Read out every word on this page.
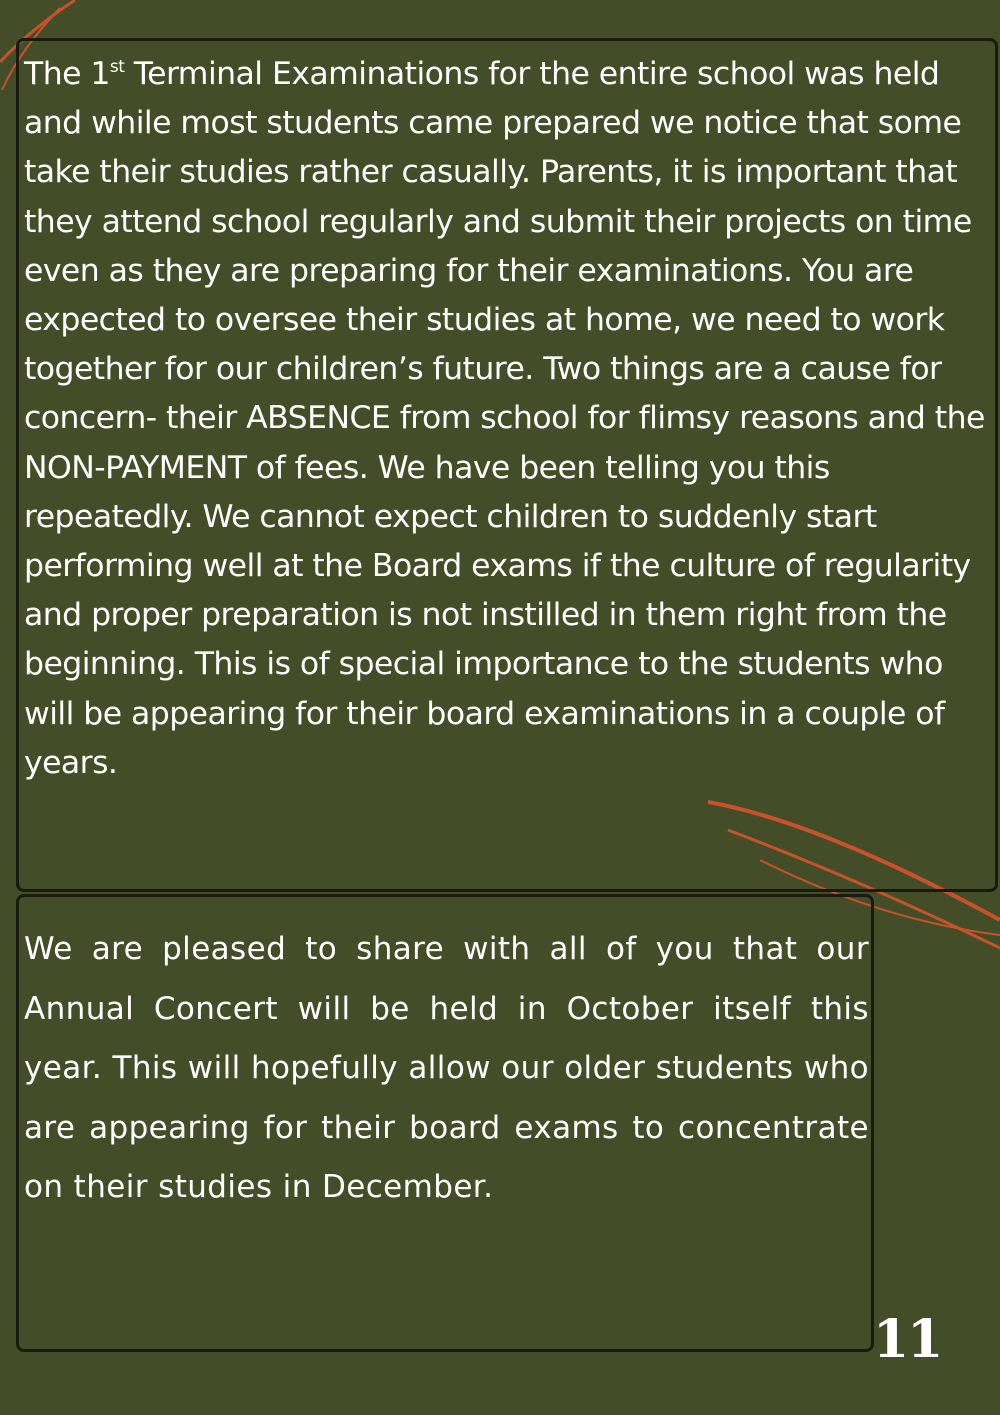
The 1st Terminal Examinations for the entire school was held and while most students came prepared we notice that some take their studies rather casually. Parents, it is important that they attend school regularly and submit their projects on time even as they are preparing for their examinations. You are expected to oversee their studies at home, we need to work together for our children’s future. Two things are a cause for concern- their ABSENCE from school for flimsy reasons and the NON-PAYMENT of fees. We have been telling you this repeatedly. We cannot expect children to suddenly start performing well at the Board exams if the culture of regularity and proper preparation is not instilled in them right from the beginning. This is of special importance to the students who will be appearing for their board examinations in a couple of years.

We are pleased to share with all of you that our Annual Concert will be held in October itself this year. This will hopefully allow our older students who are appearing for their board exams to concentrate on their studies in December.

11
